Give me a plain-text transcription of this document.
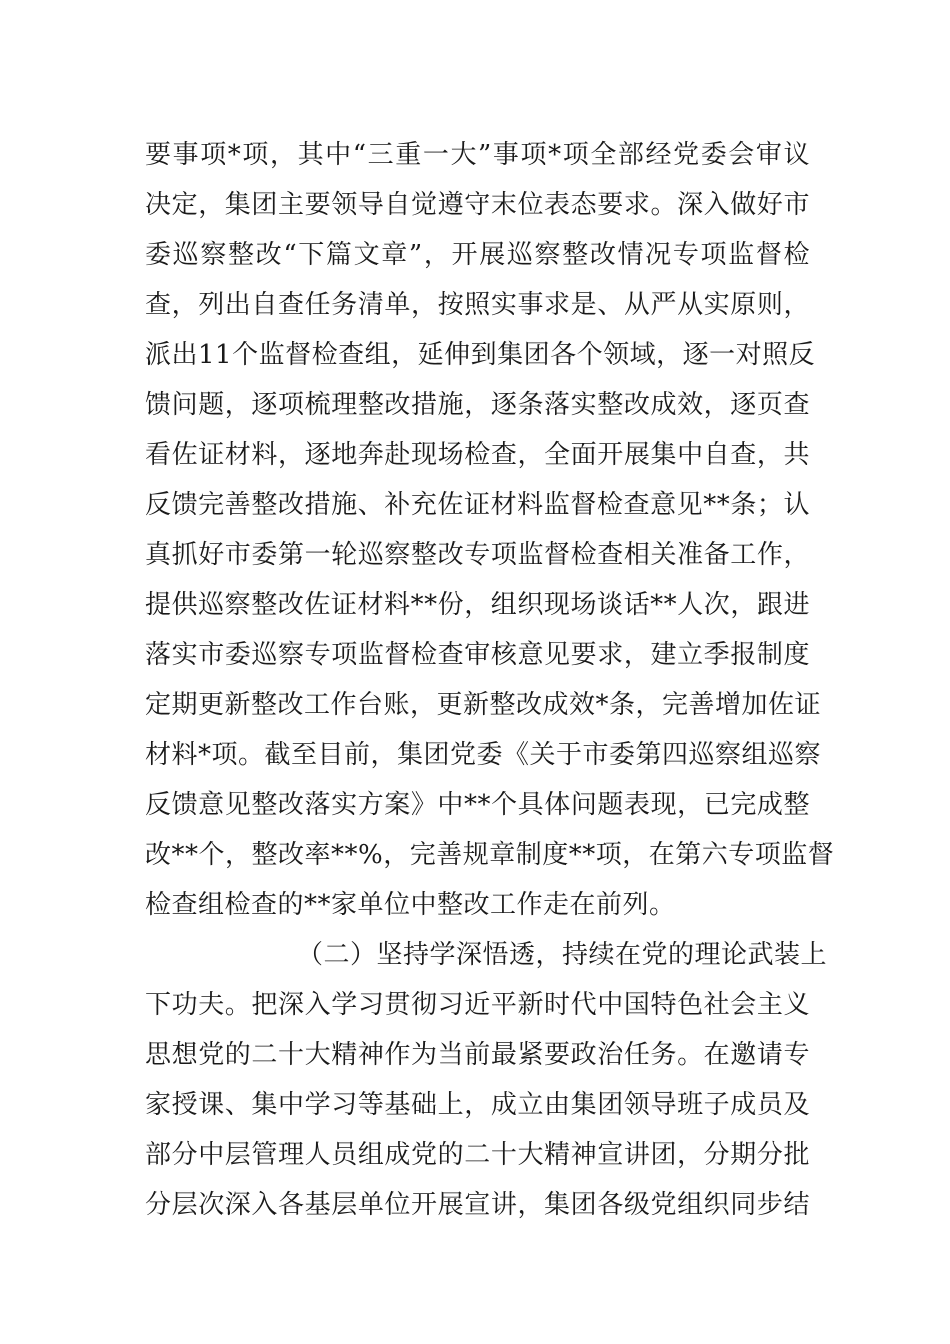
要事项*项，其中“三重一大”事项*项全部经党委会审议
决定，集团主要领导自觉遵守末位表态要求。深入做好市
委巡察整改“下篇文章”，开展巡察整改情况专项监督检
查，列出自查任务清单，按照实事求是、从严从实原则，
派出11个监督检查组，延伸到集团各个领域，逐一对照反
馈问题，逐项梳理整改措施，逐条落实整改成效，逐页查
看佐证材料，逐地奔赴现场检查，全面开展集中自查，共
反馈完善整改措施、补充佐证材料监督检查意见**条；认
真抓好市委第一轮巡察整改专项监督检查相关准备工作，
提供巡察整改佐证材料**份，组织现场谈话**人次，跟进
落实市委巡察专项监督检查审核意见要求，建立季报制度
定期更新整改工作台账，更新整改成效*条，完善增加佐证
材料*项。截至目前，集团党委《关于市委第四巡察组巡察
反馈意见整改落实方案》中**个具体问题表现，已完成整
改**个，整改率**%，完善规章制度**项，在第六专项监督
检查组检查的**家单位中整改工作走在前列。
（二）坚持学深悟透，持续在党的理论武装上
下功夫。把深入学习贯彻习近平新时代中国特色社会主义
思想党的二十大精神作为当前最紧要政治任务。在邀请专
家授课、集中学习等基础上，成立由集团领导班子成员及
部分中层管理人员组成党的二十大精神宣讲团，分期分批
分层次深入各基层单位开展宣讲，集团各级党组织同步结
